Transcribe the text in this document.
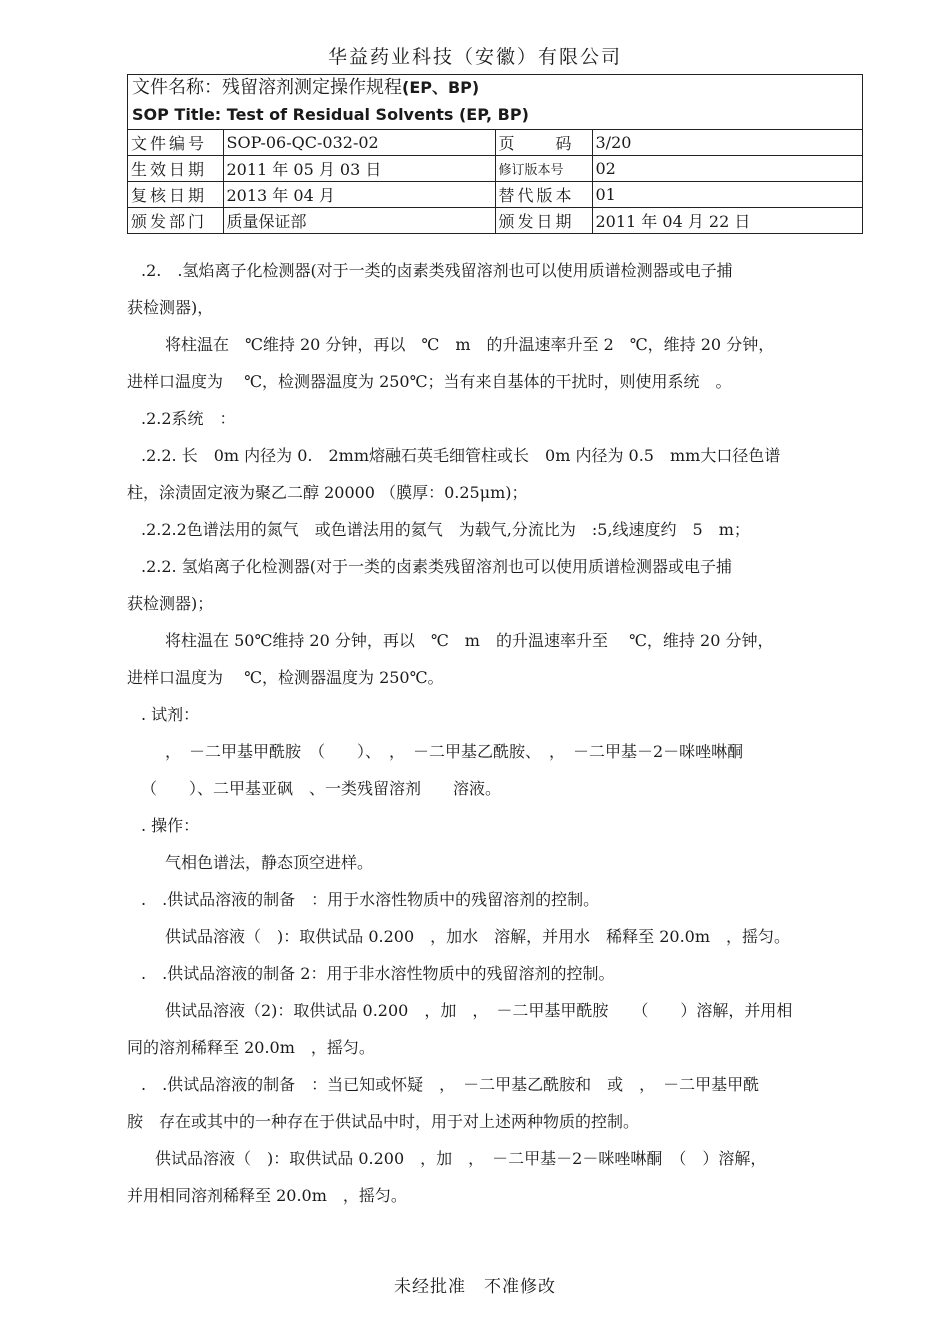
华益药业科技（安徽）有限公司
文件名称：残留溶剂测定操作规程(EP、BP)
SOP Title: Test of Residual Solvents (EP, BP)
文件编号	SOP-06-QC-032-02	页　　码	3/20
生效日期	2011 年 05 月 03 日	修订版本号	02
复核日期	2013 年 04 月	替代版本	01
颁发部门	质量保证部	颁发日期	2011 年 04 月 22 日
.2.　.氢焰离子化检测器(对于一类的卤素类残留溶剂也可以使用质谱检测器或电子捕
获检测器)，
将柱温在　℃维持 20 分钟，再以　℃　m　的升温速率升至 2　℃，维持 20 分钟，
进样口温度为　 ℃，检测器温度为 250℃；当有来自基体的干扰时，则使用系统　。
.2.2系统　：
.2.2. 长　0m 内径为 0.　2mm熔融石英毛细管柱或长　0m 内径为 0.5　mm大口径色谱
柱，涂渍固定液为聚乙二醇 20000 （膜厚：0.25μm)；
.2.2.2色谱法用的氮气　或色谱法用的氦气　为载气,分流比为　:5,线速度约　5　m；
.2.2. 氢焰离子化检测器(对于一类的卤素类残留溶剂也可以使用质谱检测器或电子捕
获检测器)；
将柱温在 50℃维持 20 分钟，再以　℃　m　的升温速率升至　 ℃，维持 20 分钟，
进样口温度为　 ℃，检测器温度为 250℃。
. 试剂：
，　－二甲基甲酰胺　（　　）、　，　－二甲基乙酰胺、　，　－二甲基－2－咪唑啉酮
（　　）、二甲基亚砜　、一类残留溶剂　　溶液。
. 操作：
气相色谱法，静态顶空进样。
.　.供试品溶液的制备　：用于水溶性物质中的残留溶剂的控制。
供试品溶液（　)：取供试品 0.200　，加水　溶解，并用水　稀释至 20.0m　，摇匀。
.　.供试品溶液的制备 2：用于非水溶性物质中的残留溶剂的控制。
供试品溶液（2)：取供试品 0.200　，加　，　－二甲基甲酰胺　　（　　）溶解，并用相
同的溶剂稀释至 20.0m　，摇匀。
.　.供试品溶液的制备　：当已知或怀疑　，　－二甲基乙酰胺和　或　，　－二甲基甲酰
胺　存在或其中的一种存在于供试品中时，用于对上述两种物质的控制。
供试品溶液（　)：取供试品 0.200　，加　，　－二甲基－2－咪唑啉酮　（　）溶解，
并用相同溶剂稀释至 20.0m　，摇匀。
未经批准　不准修改
